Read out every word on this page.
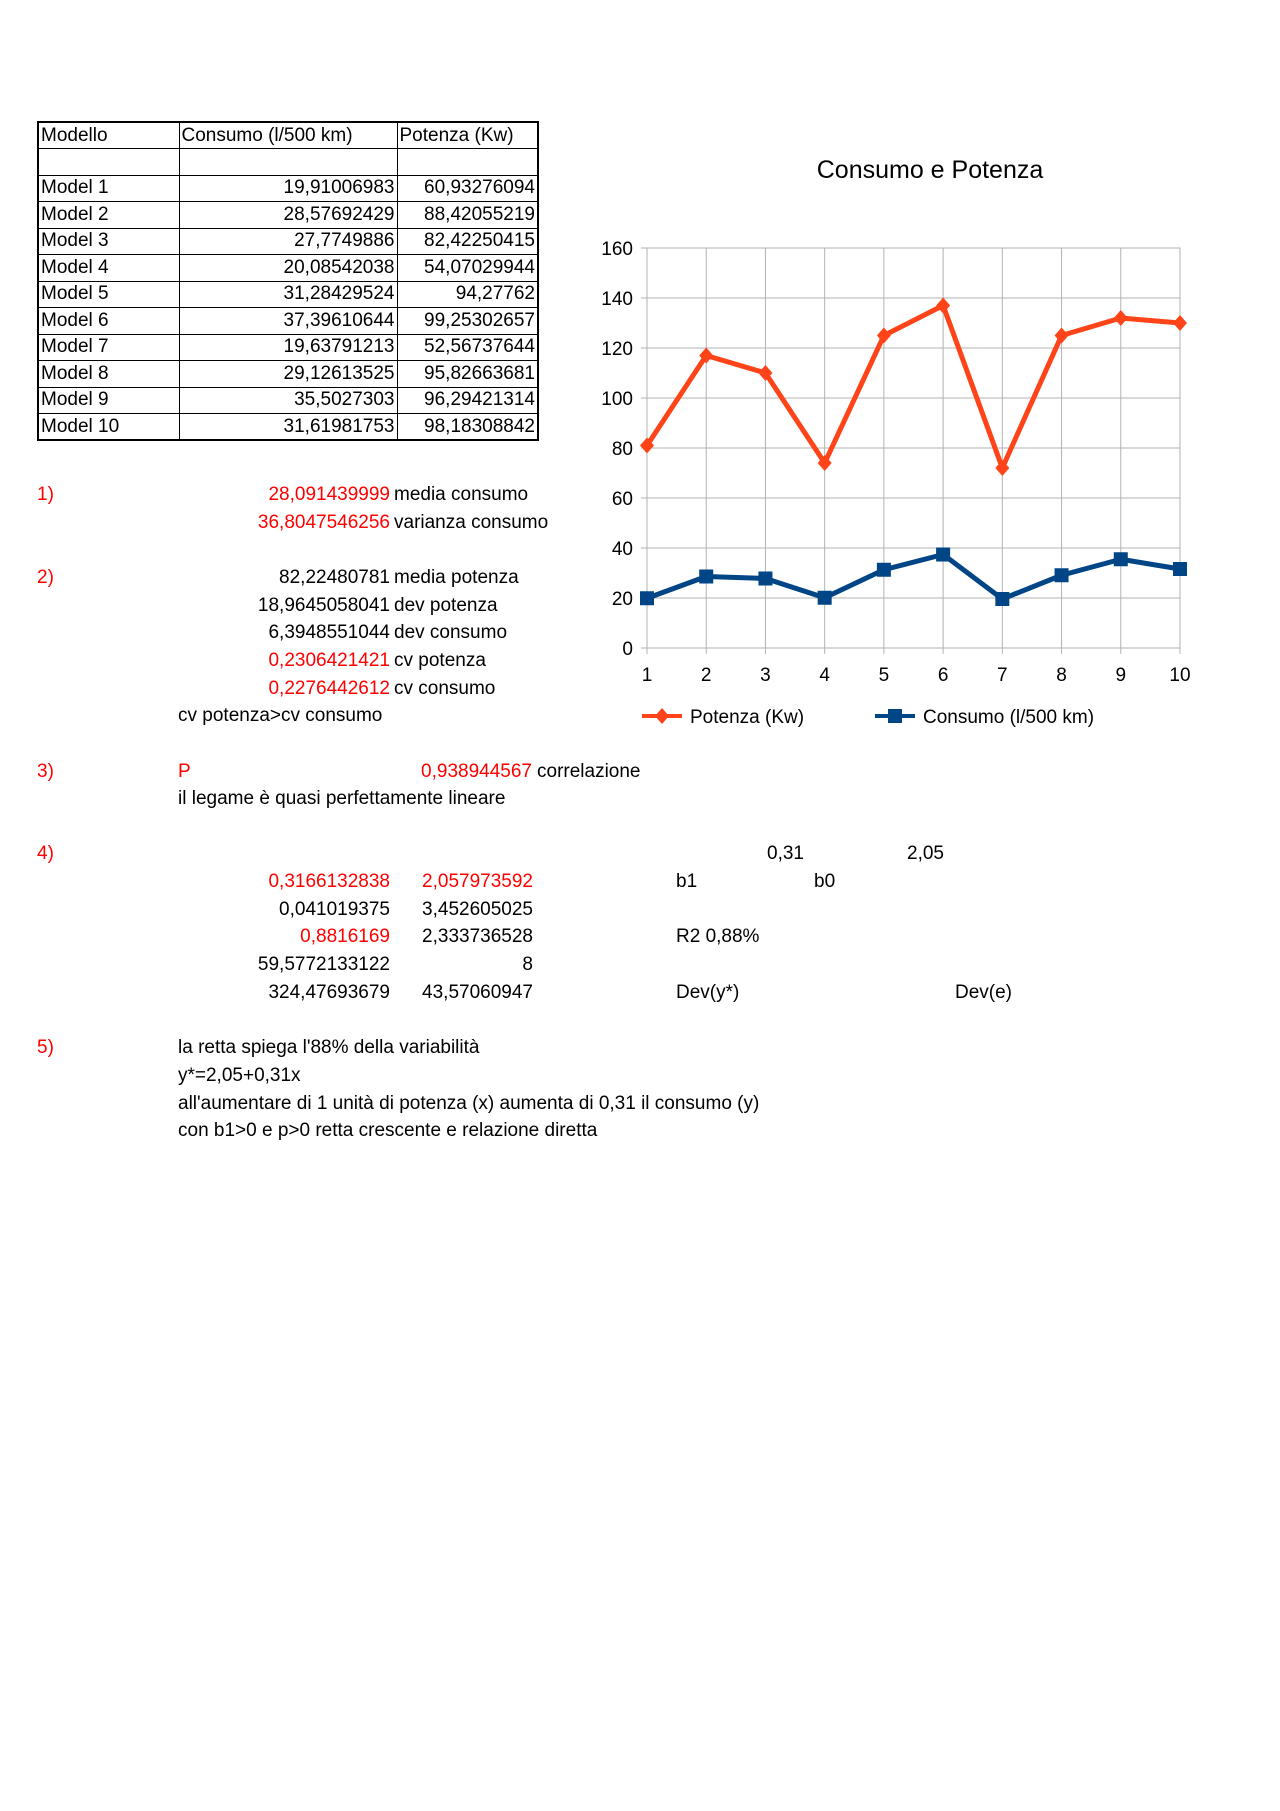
Modello	Consumo (l/500 km)	Potenza (Kw)

Model 1	19,91006983	60,93276094
Model 2	28,57692429	88,42055219
Model 3	27,7749886	82,42250415
Model 4	20,08542038	54,07029944
Model 5	31,28429524	94,27762
Model 6	37,39610644	99,25302657
Model 7	19,63791213	52,56737644
Model 8	29,12613525	95,82663681
Model 9	35,5027303	96,29421314
Model 10	31,61981753	98,18308842
1)	28,091439999 media consumo
36,8047546256 varianza consumo
2)	82,22480781 media potenza
18,9645058041 dev potenza
6,3948551044 dev consumo
0,2306421421 cv potenza
0,2276442612 cv consumo
cv potenza>cv consumo
3)	P	0,938944567 correlazione
il legame è quasi perfettamente lineare
4)	0,31	2,05
0,3166132838 2,057973592	b1	b0
0,041019375 3,452605025
0,8816169 2,333736528	R2 0,88%
59,5772133122	8
324,47693679 43,57060947	Dev(y*)	Dev(e)
5)	la retta spiega l'88% della variabilità
y*=2,05+0,31x
all'aumentare di 1 unità di potenza (x) aumenta di 0,31 il consumo (y)
con b1>0 e p>0 retta crescente e relazione diretta
Consumo e Potenza
0
20
40
60
80
100
120
140
160
1	2	3	4	5	6	7	8	9 10
Potenza (Kw)	Consumo (l/500 km)
